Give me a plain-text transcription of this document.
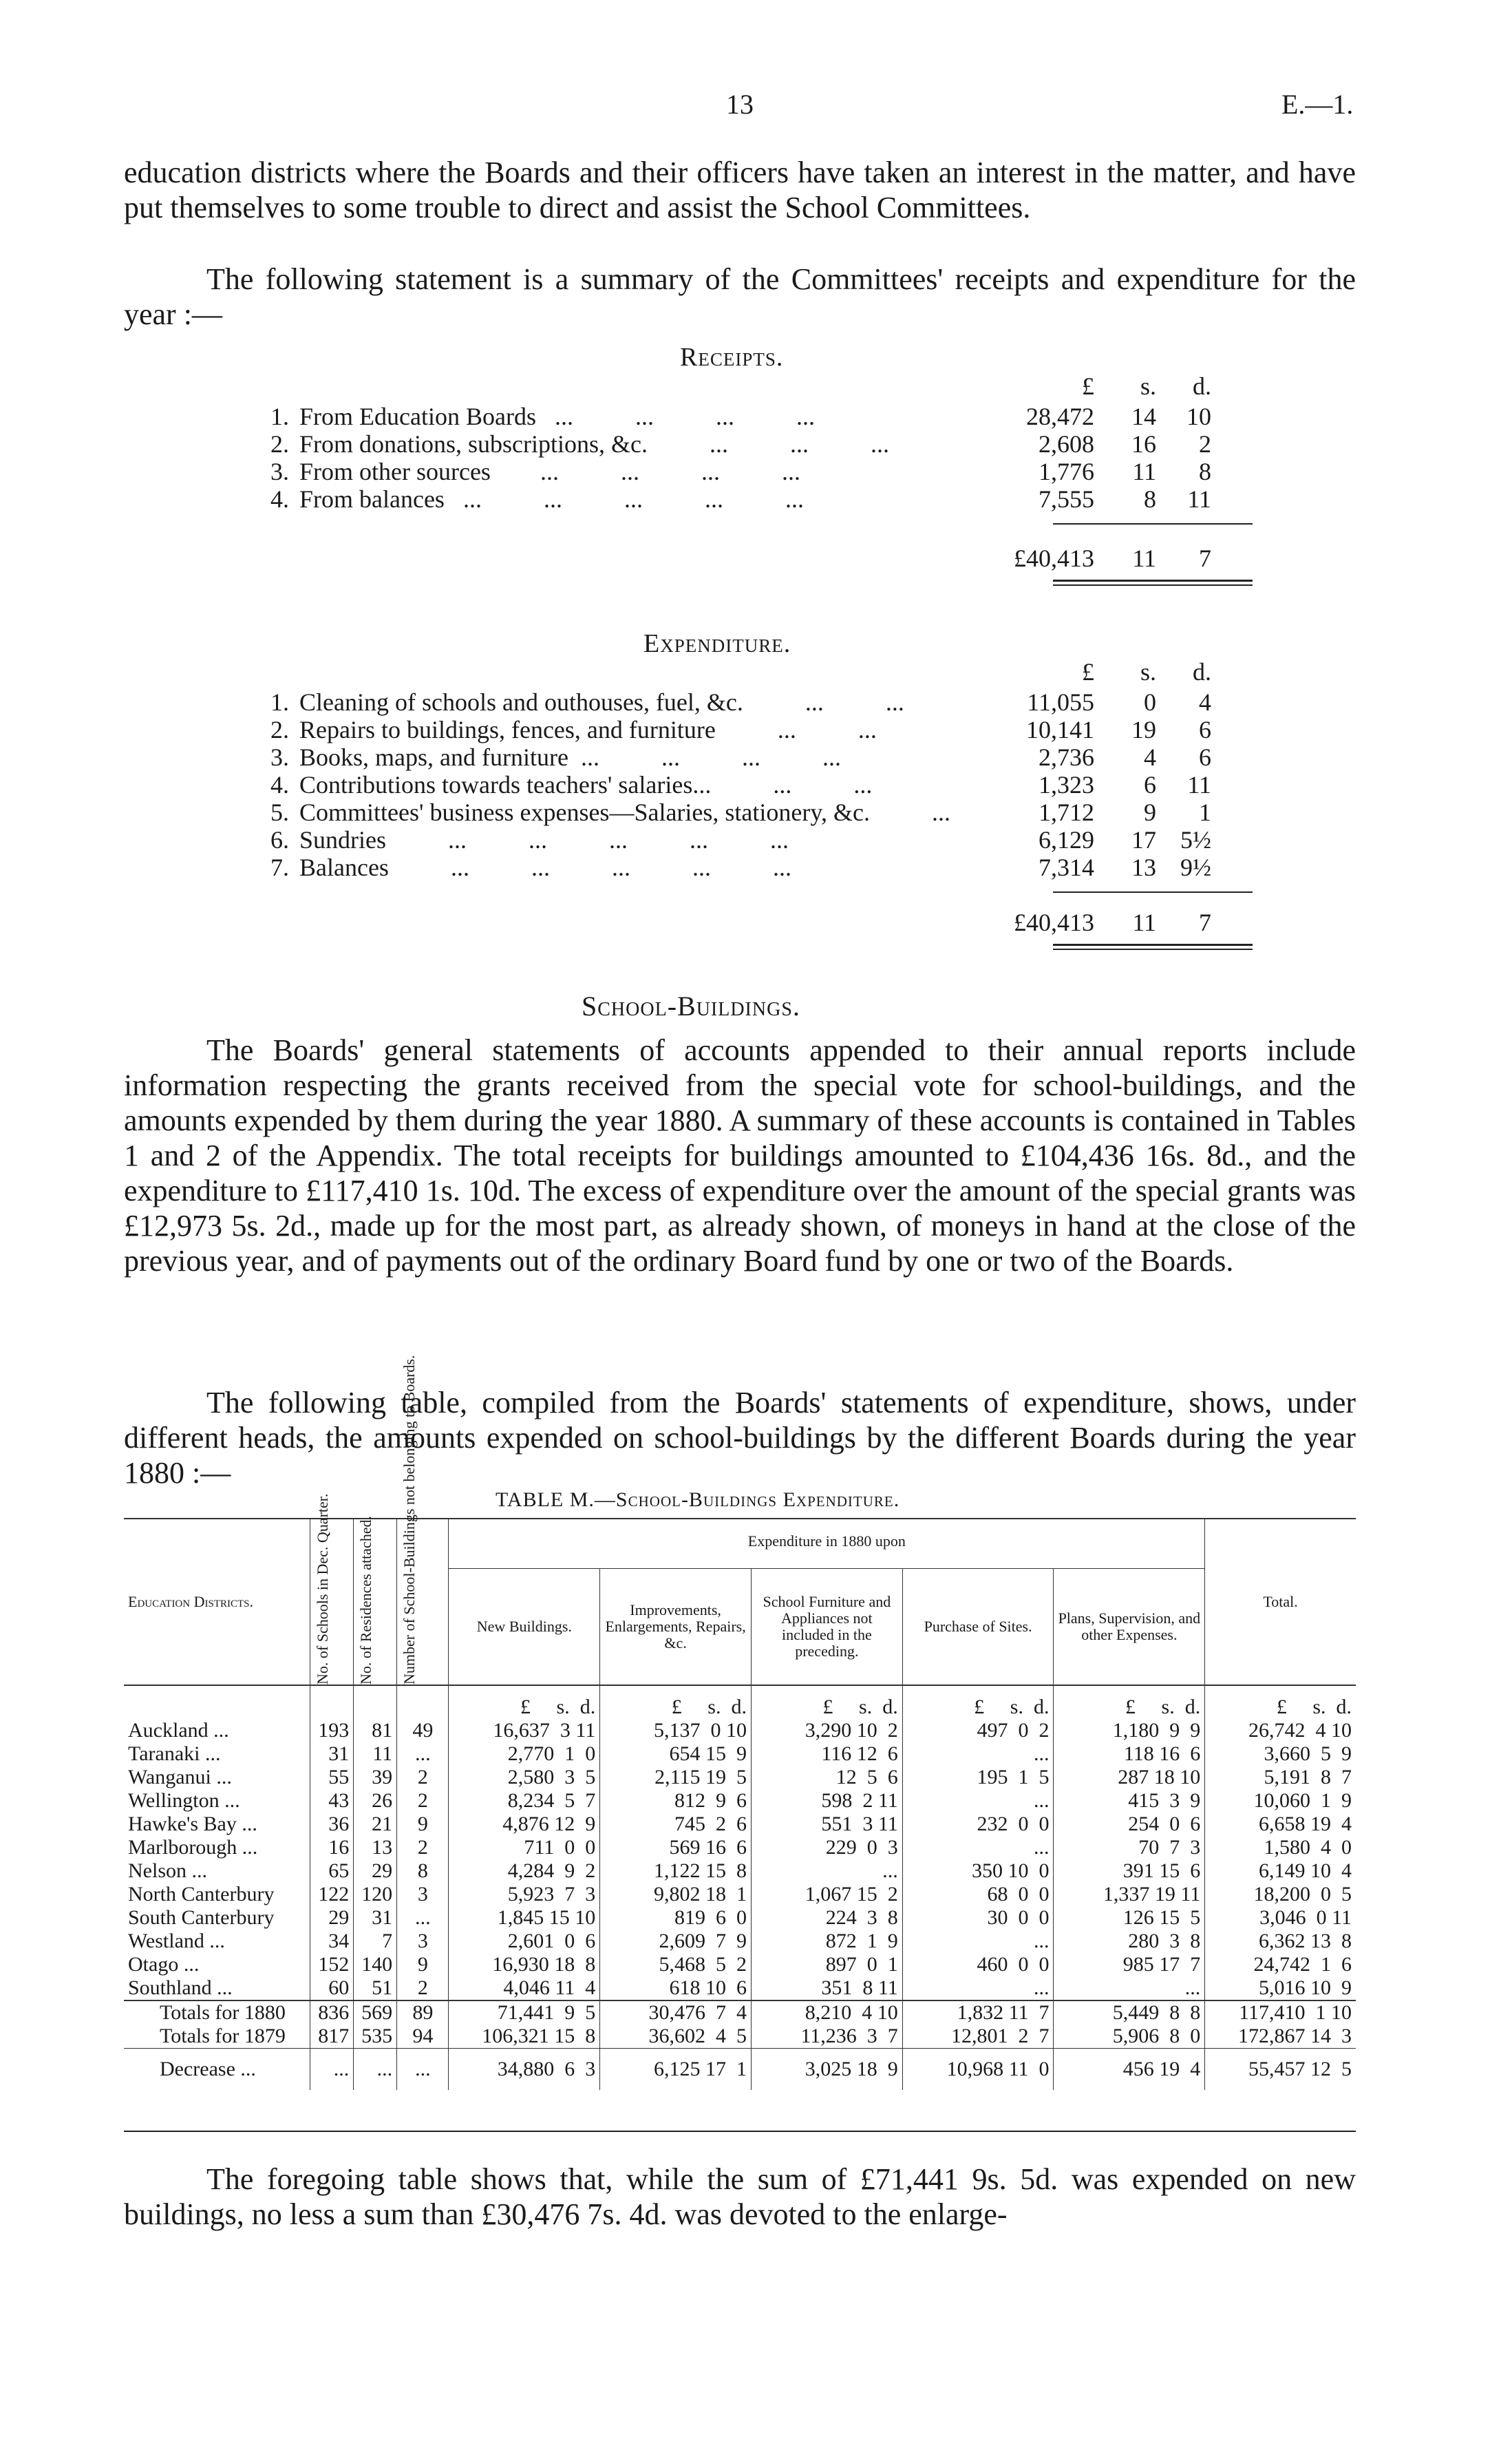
13	E.—1.

education districts where the Boards and their officers have taken an interest in the matter, and have put themselves to some trouble to direct and assist the School Committees.

The following statement is a summary of the Committees' receipts and expenditure for the year :—

Receipts.
£	s.	d.
1. From Education Boards   ...          ...          ...          ...	28,472	14	10
2. From donations, subscriptions, &c.          ...          ...          ...	2,608	16	2
3. From other sources        ...          ...          ...          ...	1,776	11	8
4. From balances   ...          ...          ...          ...          ...	7,555	8	11
£40,413	11	7
Expenditure.
£	s.	d.
1. Cleaning of schools and outhouses, fuel, &c.          ...          ...	11,055	0	4
2. Repairs to buildings, fences, and furniture          ...          ...	10,141	19	6
3. Books, maps, and furniture  ...          ...          ...          ...	2,736	4	6
4. Contributions towards teachers' salaries...          ...          ...	1,323	6	11
5. Committees' business expenses—Salaries, stationery, &c.          ...	1,712	9	1
6. Sundries          ...          ...          ...          ...          ...	6,129	17 5½
7. Balances          ...          ...          ...          ...          ...	7,314	13 9½
£40,413	11	7
School-Buildings.

The Boards' general statements of accounts appended to their annual reports include information respecting the grants received from the special vote for school-buildings, and the amounts expended by them during the year 1880. A summary of these accounts is contained in Tables 1 and 2 of the Appendix. The total receipts for buildings amounted to £104,436 16s. 8d., and the expenditure to £117,410 1s. 10d. The excess of expenditure over the amount of the special grants was £12,973 5s. 2d., made up for the most part, as already shown, of moneys in hand at the close of the previous year, and of payments out of the ordinary Board fund by one or two of the Boards.

The following table, compiled from the Boards' statements of expenditure, shows, under different heads, the amounts expended on school-buildings by the different Boards during the year 1880 :—

TABLE M.—School-Buildings Expenditure.
Education Districts.	No. of Schools in Dec. Quarter.	No. of Residences attached.	Number of School-Buildings not belonging to Boards.	Expenditure in 1880 upon					Total.
				New Buildings.	Improvements, Enlargements, Repairs, &c.	School Furniture and Appliances not included in the preceding.	Purchase of Sites.	Plans, Supervision, and other Expenses.	
				£     s.  d.	£     s.  d.	£     s.  d.	£     s.  d.	£     s.  d.	£     s.  d.
Auckland ...	193	81	49	16,637  3 11	5,137  0 10	3,290 10  2	497  0  2	1,180  9  9	26,742  4 10
Taranaki ...	31	11	...	2,770  1  0	654 15  9	116 12  6	...	118 16  6	3,660  5  9
Wanganui ...	55	39	2	2,580  3  5	2,115 19  5	12  5  6	195  1  5	287 18 10	5,191  8  7
Wellington ...	43	26	2	8,234  5  7	812  9  6	598  2 11	...	415  3  9	10,060  1  9
Hawke's Bay ...	36	21	9	4,876 12  9	745  2  6	551  3 11	232  0  0	254  0  6	6,658 19  4
Marlborough ...	16	13	2	711  0  0	569 16  6	229  0  3	...	70  7  3	1,580  4  0
Nelson ...	65	29	8	4,284  9  2	1,122 15  8	...	350 10  0	391 15  6	6,149 10  4
North Canterbury	122	120	3	5,923  7  3	9,802 18  1	1,067 15  2	68  0  0	1,337 19 11	18,200  0  5
South Canterbury	29	31	...	1,845 15 10	819  6  0	224  3  8	30  0  0	126 15  5	3,046  0 11
Westland ...	34	7	3	2,601  0  6	2,609  7  9	872  1  9	...	280  3  8	6,362 13  8
Otago ...	152	140	9	16,930 18  8	5,468  5  2	897  0  1	460  0  0	985 17  7	24,742  1  6
Southland ...	60	51	2	4,046 11  4	618 10  6	351  8 11	...	...	5,016 10  9
Totals for 1880	836	569	89	71,441  9  5	30,476  7  4	8,210  4 10	1,832 11  7	5,449  8  8	117,410  1 10
Totals for 1879	817	535	94	106,321 15  8	36,602  4  5	11,236  3  7	12,801  2  7	5,906  8  0	172,867 14  3
Decrease ...	...	...	...	34,880  6  3	6,125 17  1	3,025 18  9	10,968 11  0	456 19  4	55,457 12  5

The foregoing table shows that, while the sum of £71,441 9s. 5d. was expended on new buildings, no less a sum than £30,476 7s. 4d. was devoted to the enlarge-
